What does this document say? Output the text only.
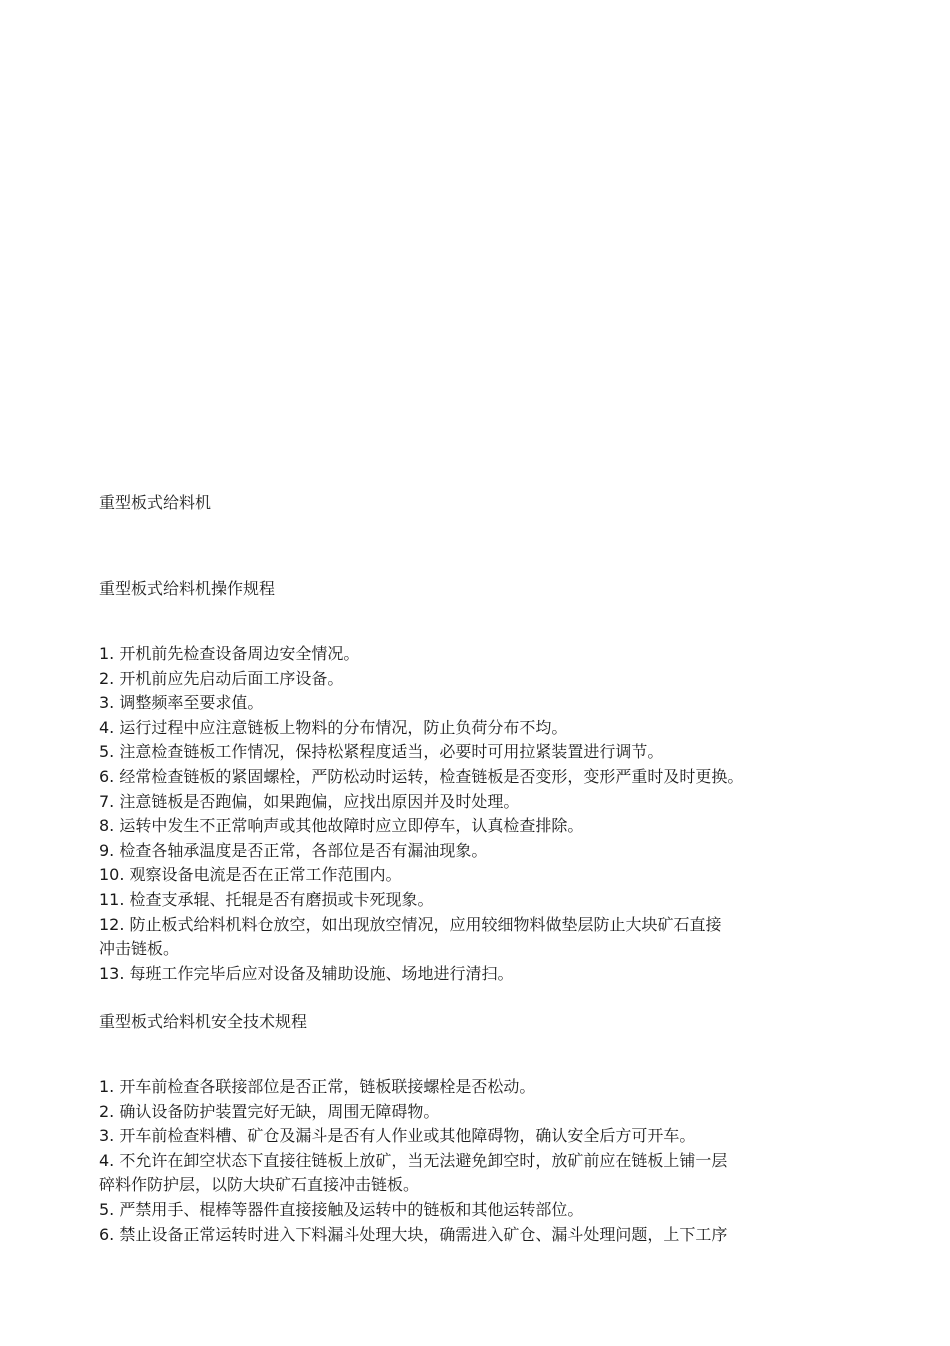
重型板式给料机
重型板式给料机操作规程
1. 开机前先检查设备周边安全情况。
2. 开机前应先启动后面工序设备。
3. 调整频率至要求值。
4. 运行过程中应注意链板上物料的分布情况，防止负荷分布不均。
5. 注意检查链板工作情况，保持松紧程度适当，必要时可用拉紧装置进行调节。
6. 经常检查链板的紧固螺栓，严防松动时运转，检查链板是否变形，变形严重时及时更换。
7. 注意链板是否跑偏，如果跑偏，应找出原因并及时处理。
8. 运转中发生不正常响声或其他故障时应立即停车，认真检查排除。
9. 检查各轴承温度是否正常，各部位是否有漏油现象。
10. 观察设备电流是否在正常工作范围内。
11. 检查支承辊、托辊是否有磨损或卡死现象。
12. 防止板式给料机料仓放空，如出现放空情况，应用较细物料做垫层防止大块矿石直接
冲击链板。
13. 每班工作完毕后应对设备及辅助设施、场地进行清扫。
重型板式给料机安全技术规程
1. 开车前检查各联接部位是否正常，链板联接螺栓是否松动。
2. 确认设备防护装置完好无缺，周围无障碍物。
3. 开车前检查料槽、矿仓及漏斗是否有人作业或其他障碍物，确认安全后方可开车。
4. 不允许在卸空状态下直接往链板上放矿，当无法避免卸空时，放矿前应在链板上铺一层
碎料作防护层，以防大块矿石直接冲击链板。
5. 严禁用手、棍棒等器件直接接触及运转中的链板和其他运转部位。
6. 禁止设备正常运转时进入下料漏斗处理大块，确需进入矿仓、漏斗处理问题，上下工序
